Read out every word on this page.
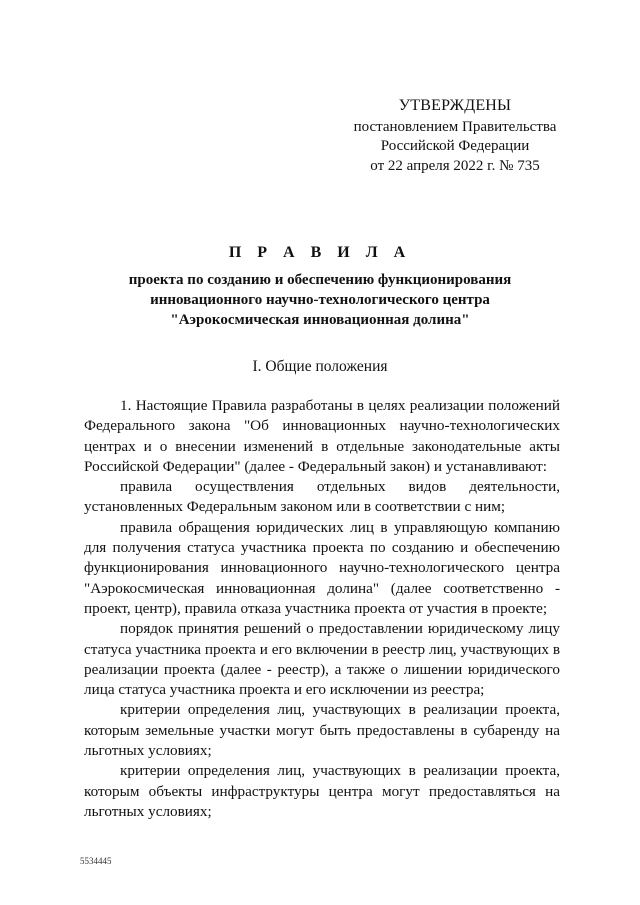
УТВЕРЖДЕНЫ
постановлением Правительства
Российской Федерации
от 22 апреля 2022 г. № 735
П Р А В И Л А
проекта по созданию и обеспечению функционирования
инновационного научно-технологического центра
"Аэрокосмическая инновационная долина"
I. Общие положения

1. Настоящие Правила разработаны в целях реализации положений Федерального закона "Об инновационных научно-технологических центрах и о внесении изменений в отдельные законодательные акты Российской Федерации" (далее - Федеральный закон) и устанавливают:

правила осуществления отдельных видов деятельности, установленных Федеральным законом или в соответствии с ним;

правила обращения юридических лиц в управляющую компанию для получения статуса участника проекта по созданию и обеспечению функционирования инновационного научно-технологического центра "Аэрокосмическая инновационная долина" (далее соответственно - проект, центр), правила отказа участника проекта от участия в проекте;

порядок принятия решений о предоставлении юридическому лицу статуса участника проекта и его включении в реестр лиц, участвующих в реализации проекта (далее - реестр), а также о лишении юридического лица статуса участника проекта и его исключении из реестра;

критерии определения лиц, участвующих в реализации проекта, которым земельные участки могут быть предоставлены в субаренду на льготных условиях;

критерии определения лиц, участвующих в реализации проекта, которым объекты инфраструктуры центра могут предоставляться на льготных условиях;

5534445
